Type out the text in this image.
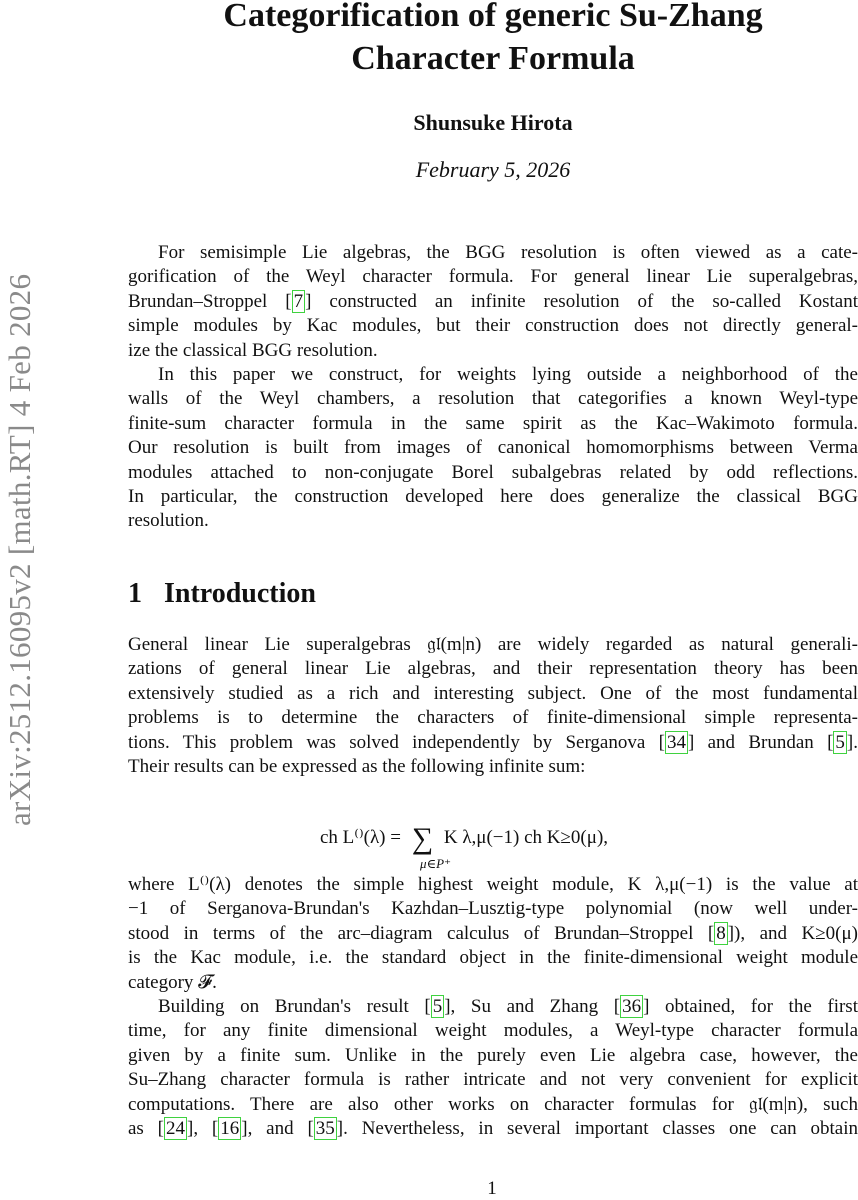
Categorification of generic Su-Zhang
Character Formula
Shunsuke Hirota
February 5, 2026
arXiv:2512.16095v2 [math.RT] 4 Feb 2026
For semisimple Lie algebras, the BGG resolution is often viewed as a cate-
gorification of the Weyl character formula. For general linear Lie superalgebras,
Brundan–Stroppel [ 7 ] constructed an infinite resolution of the so-called Kostant
simple modules by Kac modules, but their construction does not directly general-
ize the classical BGG resolution.
In this paper we construct, for weights lying outside a neighborhood of the
walls of the Weyl chambers, a resolution that categorifies a known Weyl-type
finite-sum character formula in the same spirit as the Kac–Wakimoto formula.
Our resolution is built from images of canonical homomorphisms between Verma
modules attached to non-conjugate Borel subalgebras related by odd reflections.
In particular, the construction developed here does generalize the classical BGG
resolution.
1 Introduction
General linear Lie superalgebras 𝔤𝔩(m|n) are widely regarded as natural generali-
zations of general linear Lie algebras, and their representation theory has been
extensively studied as a rich and interesting subject. One of the most fundamental
problems is to determine the characters of finite-dimensional simple representa-
tions. This problem was solved independently by Serganova [ 34 ] and Brundan [ 5 ].
Their results can be expressed as the following infinite sum:
ch L⁽⁾(λ) = ∑ K λ,μ(−1) ch K≥0(μ),
μ∈P⁺
where L⁽⁾(λ) denotes the simple highest weight module, K λ,μ(−1) is the value at
−1 of Serganova-Brundan's Kazhdan–Lusztig-type polynomial (now well under-
stood in terms of the arc–diagram calculus of Brundan–Stroppel [ 8 ]), and K≥0(μ)
is the Kac module, i.e. the standard object in the finite-dimensional weight module
category 𝓕.
Building on Brundan's result [ 5 ], Su and Zhang [ 36 ] obtained, for the first
time, for any finite dimensional weight modules, a Weyl-type character formula
given by a finite sum. Unlike in the purely even Lie algebra case, however, the
Su–Zhang character formula is rather intricate and not very convenient for explicit
computations. There are also other works on character formulas for 𝔤𝔩(m|n), such
as [ 24 ], [ 16 ], and [ 35 ]. Nevertheless, in several important classes one can obtain
1
